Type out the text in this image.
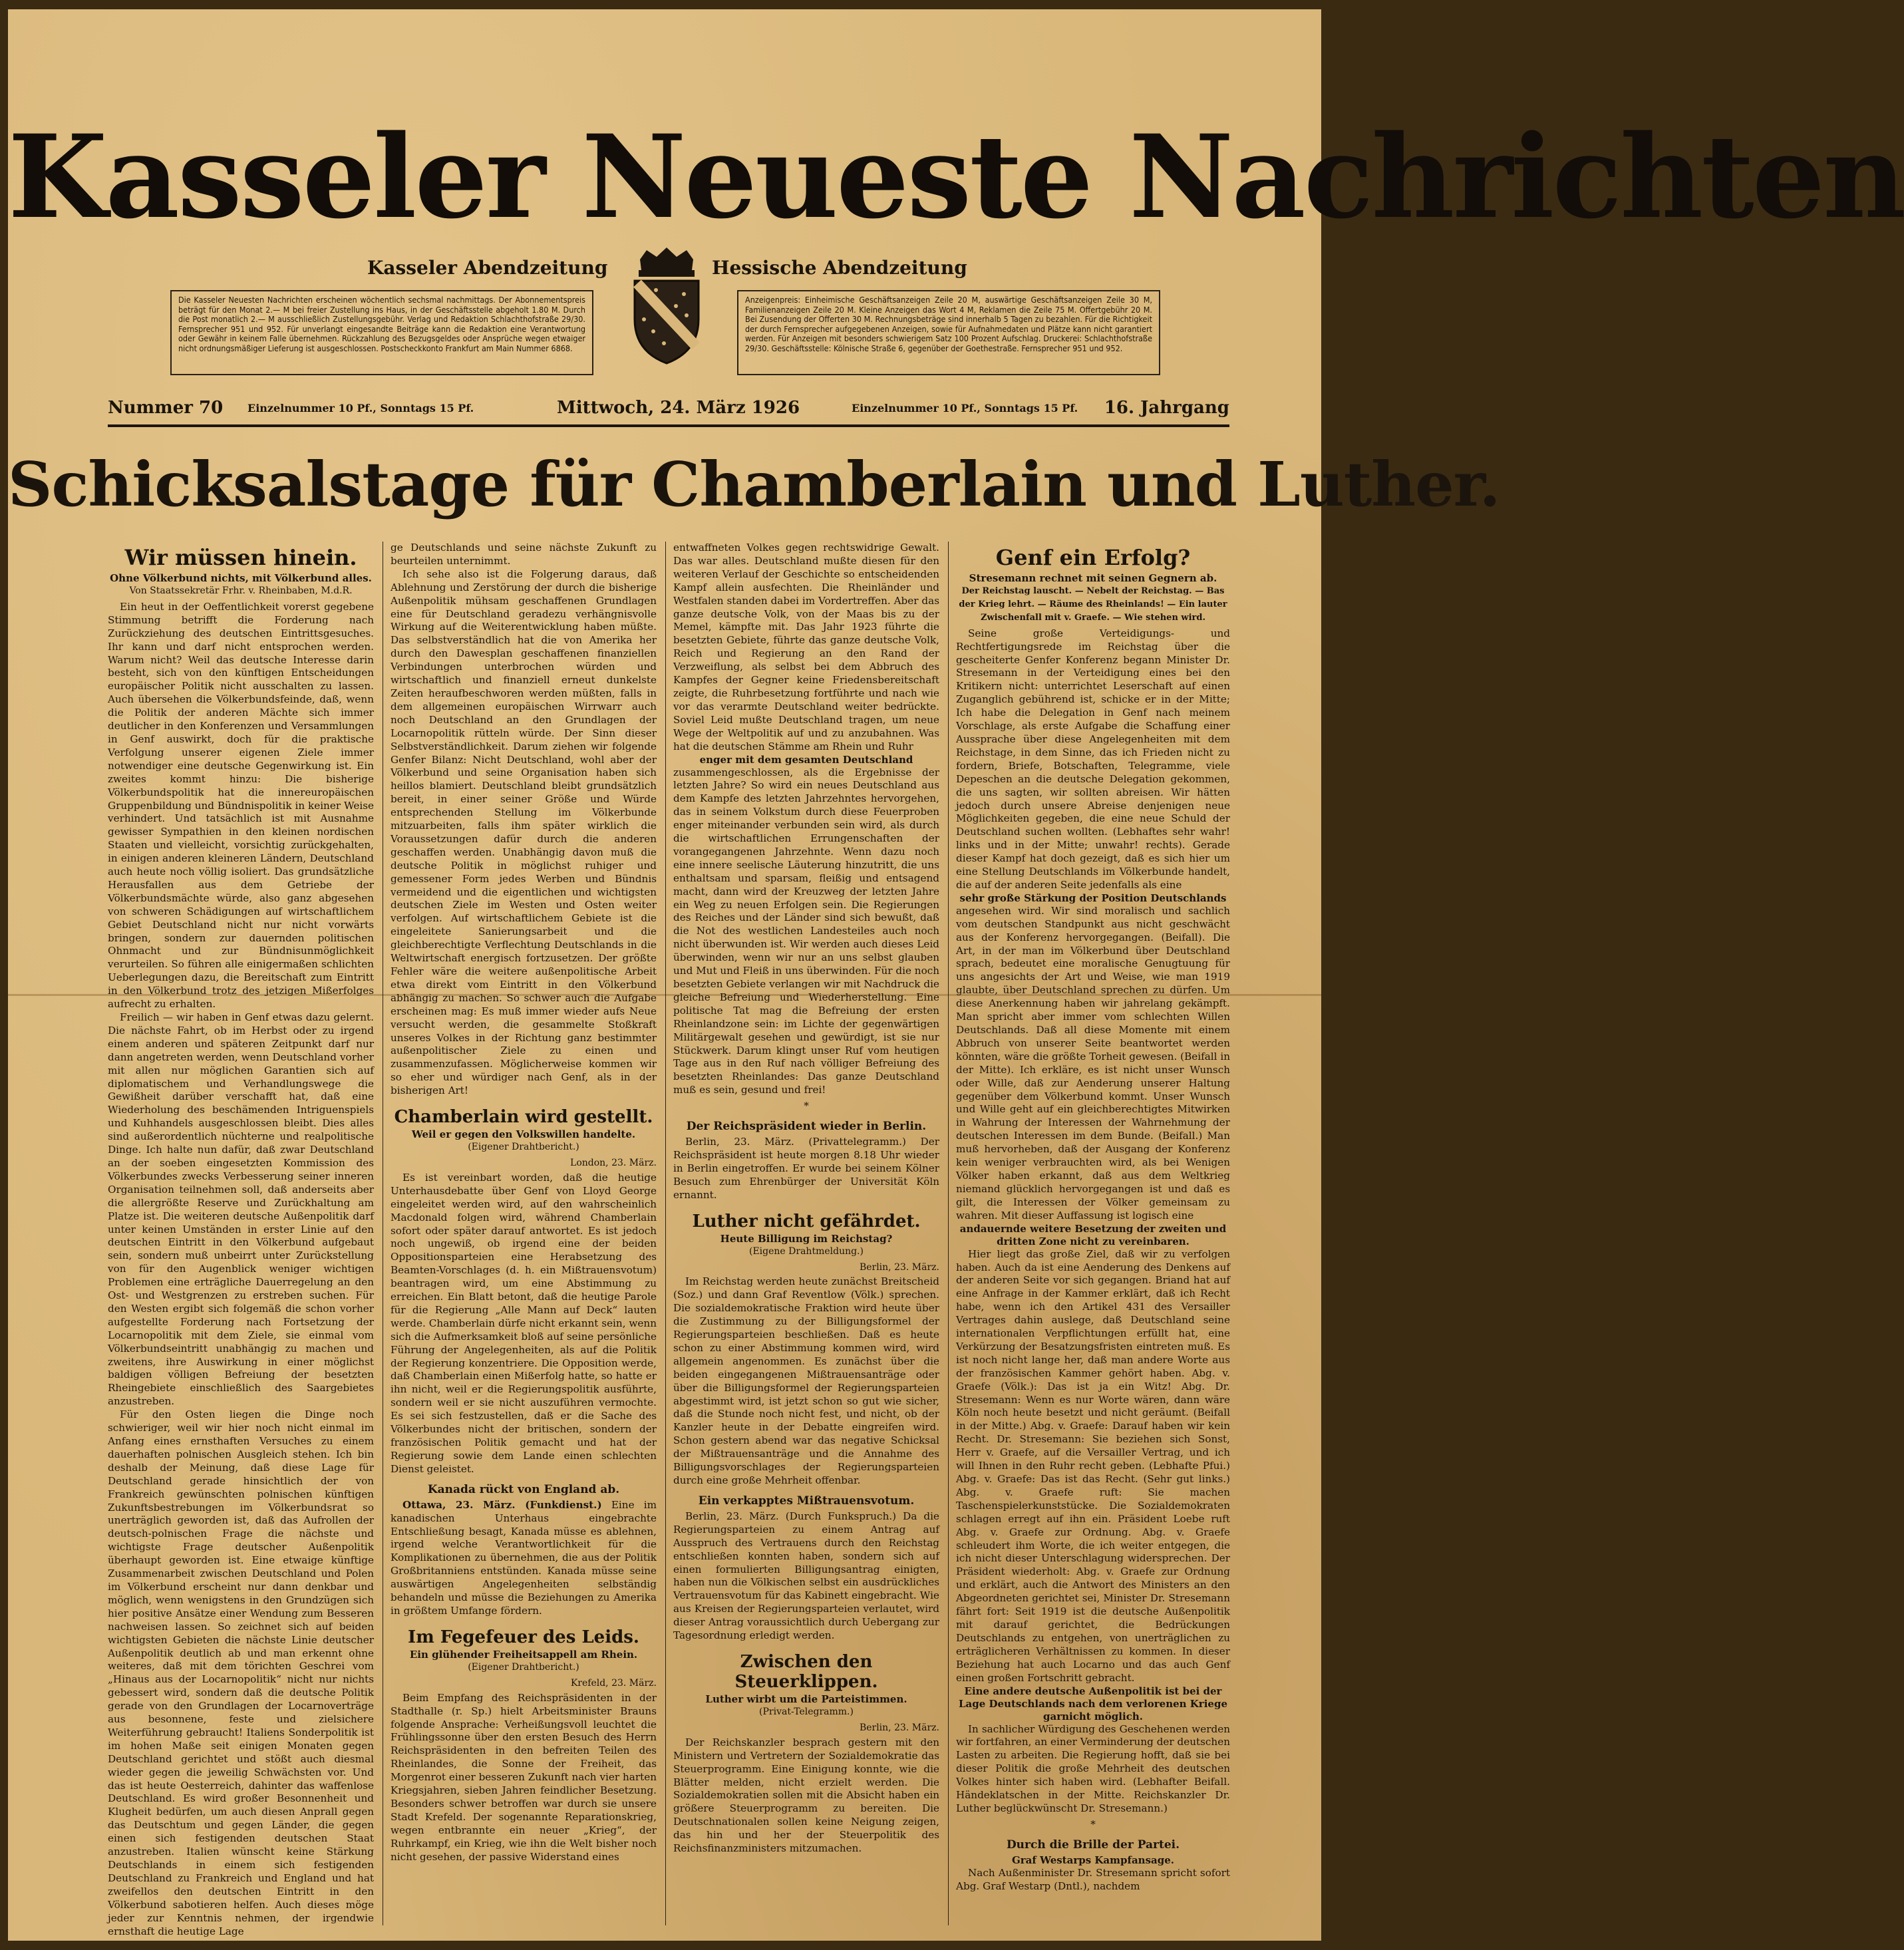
Kasseler Neueste Nachrichten
Kasseler Abendzeitung	Hessische Abendzeitung
Die Kasseler Neuesten Nachrichten erscheinen wöchentlich sechsmal nachmittags. Der Abonnementspreis beträgt für den Monat 2.— M bei freier Zustellung ins Haus, in der Geschäftsstelle abgeholt 1.80 M. Durch die Post monatlich 2.— M ausschließlich Zustellungsgebühr. Verlag und Redaktion Schlachthofstraße 29/30. Fernsprecher 951 und 952. Für unverlangt eingesandte Beiträge kann die Redaktion eine Verantwortung oder Gewähr in keinem Falle übernehmen. Rückzahlung des Bezugsgeldes oder Ansprüche wegen etwaiger nicht ordnungsmäßiger Lieferung ist ausgeschlossen. Postscheckkonto Frankfurt am Main Nummer 6868.
Anzeigenpreis: Einheimische Geschäftsanzeigen Zeile 20 M, auswärtige Geschäftsanzeigen Zeile 30 M, Familienanzeigen Zeile 20 M. Kleine Anzeigen das Wort 4 M, Reklamen die Zeile 75 M. Offertgebühr 20 M. Bei Zusendung der Offerten 30 M. Rechnungsbeträge sind innerhalb 5 Tagen zu bezahlen. Für die Richtigkeit der durch Fernsprecher aufgegebenen Anzeigen, sowie für Aufnahmedaten und Plätze kann nicht garantiert werden. Für Anzeigen mit besonders schwierigem Satz 100 Prozent Aufschlag. Druckerei: Schlachthofstraße 29/30. Geschäftsstelle: Kölnische Straße 6, gegenüber der Goethestraße. Fernsprecher 951 und 952.
Nummer 70 Einzelnummer 10 Pf., Sonntags 15 Pf.	Mittwoch, 24. März 1926	Einzelnummer 10 Pf., Sonntags 15 Pf. 16. Jahrgang
Schicksalstage für Chamberlain und Luther.
Wir müssen hinein.

Ohne Völkerbund nichts, mit Völkerbund alles.

Von Staatssekretär Frhr. v. Rheinbaben, M.d.R.

Ein heut in der Oeffentlichkeit vorerst gegebene Stimmung betrifft die Forderung nach Zurückziehung des deutschen Eintrittsgesuches. Ihr kann und darf nicht entsprochen werden. Warum nicht? Weil das deutsche Interesse darin besteht, sich von den künftigen Entscheidungen europäischer Politik nicht ausschalten zu lassen. Auch übersehen die Völkerbundsfeinde, daß, wenn die Politik der anderen Mächte sich immer deutlicher in den Konferenzen und Versammlungen in Genf auswirkt, doch für die praktische Verfolgung unserer eigenen Ziele immer notwendiger eine deutsche Gegenwirkung ist. Ein zweites kommt hinzu: Die bisherige Völkerbundspolitik hat die innereuropäischen Gruppenbildung und Bündnispolitik in keiner Weise verhindert. Und tatsächlich ist mit Ausnahme gewisser Sympathien in den kleinen nordischen Staaten und vielleicht, vorsichtig zurückgehalten, in einigen anderen kleineren Ländern, Deutschland auch heute noch völlig isoliert. Das grundsätzliche Herausfallen aus dem Getriebe der Völkerbundsmächte würde, also ganz abgesehen von schweren Schädigungen auf wirtschaftlichem Gebiet Deutschland nicht nur nicht vorwärts bringen, sondern zur dauernden politischen Ohnmacht und zur Bündnisunmöglichkeit verurteilen. So führen alle einigermaßen schlichten Ueberlegungen dazu, die Bereitschaft zum Eintritt in den Völkerbund trotz des jetzigen Mißerfolges aufrecht zu erhalten.

Freilich — wir haben in Genf etwas dazu gelernt. Die nächste Fahrt, ob im Herbst oder zu irgend einem anderen und späteren Zeitpunkt darf nur dann angetreten werden, wenn Deutschland vorher mit allen nur möglichen Garantien sich auf diplomatischem und Verhandlungswege die Gewißheit darüber verschafft hat, daß eine Wiederholung des beschämenden Intriguenspiels und Kuhhandels ausgeschlossen bleibt. Dies alles sind außerordentlich nüchterne und realpolitische Dinge. Ich halte nun dafür, daß zwar Deutschland an der soeben eingesetzten Kommission des Völkerbundes zwecks Verbesserung seiner inneren Organisation teilnehmen soll, daß anderseits aber die allergrößte Reserve und Zurückhaltung am Platze ist. Die weiteren deutsche Außenpolitik darf unter keinen Umständen in erster Linie auf den deutschen Eintritt in den Völkerbund aufgebaut sein, sondern muß unbeirrt unter Zurückstellung von für den Augenblick weniger wichtigen Problemen eine erträgliche Dauerregelung an den Ost- und Westgrenzen zu erstreben suchen. Für den Westen ergibt sich folgemäß die schon vorher aufgestellte Forderung nach Fortsetzung der Locarnopolitik mit dem Ziele, sie einmal vom Völkerbundseintritt unabhängig zu machen und zweitens, ihre Auswirkung in einer möglichst baldigen völligen Befreiung der besetzten Rheingebiete einschließlich des Saargebietes anzustreben.

Für den Osten liegen die Dinge noch schwieriger, weil wir hier noch nicht einmal im Anfang eines ernsthaften Versuches zu einem dauerhaften polnischen Ausgleich stehen. Ich bin deshalb der Meinung, daß diese Lage für Deutschland gerade hinsichtlich der von Frankreich gewünschten polnischen künftigen Zukunftsbestrebungen im Völkerbundsrat so unerträglich geworden ist, daß das Aufrollen der deutsch-polnischen Frage die nächste und wichtigste Frage deutscher Außenpolitik überhaupt geworden ist. Eine etwaige künftige Zusammenarbeit zwischen Deutschland und Polen im Völkerbund erscheint nur dann denkbar und möglich, wenn wenigstens in den Grundzügen sich hier positive Ansätze einer Wendung zum Besseren nachweisen lassen. So zeichnet sich auf beiden wichtigsten Gebieten die nächste Linie deutscher Außenpolitik deutlich ab und man erkennt ohne weiteres, daß mit dem törichten Geschrei vom „Hinaus aus der Locarnopolitik“ nicht nur nichts gebessert wird, sondern daß die deutsche Politik gerade von den Grundlagen der Locarnoverträge aus besonnene, feste und zielsichere Weiterführung gebraucht! Italiens Sonderpolitik ist im hohen Maße seit einigen Monaten gegen Deutschland gerichtet und stößt auch diesmal wieder gegen die jeweilig Schwächsten vor. Und das ist heute Oesterreich, dahinter das waffenlose Deutschland. Es wird großer Besonnenheit und Klugheit bedürfen, um auch diesen Anprall gegen das Deutschtum und gegen Länder, die gegen einen sich festigenden deutschen Staat anzustreben. Italien wünscht keine Stärkung Deutschlands in einem sich festigenden Deutschland zu Frankreich und England und hat zweifellos den deutschen Eintritt in den Völkerbund sabotieren helfen. Auch dieses möge jeder zur Kenntnis nehmen, der irgendwie ernsthaft die heutige Lage

ge Deutschlands und seine nächste Zukunft zu beurteilen unternimmt.

Ich sehe also ist die Folgerung daraus, daß Ablehnung und Zerstörung der durch die bisherige Außenpolitik mühsam geschaffenen Grundlagen eine für Deutschland geradezu verhängnisvolle Wirkung auf die Weiterentwicklung haben müßte. Das selbstverständlich hat die von Amerika her durch den Dawesplan geschaffenen finanziellen Verbindungen unterbrochen würden und wirtschaftlich und finanziell erneut dunkelste Zeiten heraufbeschworen werden müßten, falls in dem allgemeinen europäischen Wirrwarr auch noch Deutschland an den Grundlagen der Locarnopolitik rütteln würde. Der Sinn dieser Selbstverständlichkeit. Darum ziehen wir folgende Genfer Bilanz: Nicht Deutschland, wohl aber der Völkerbund und seine Organisation haben sich heillos blamiert. Deutschland bleibt grundsätzlich bereit, in einer seiner Größe und Würde entsprechenden Stellung im Völkerbunde mitzuarbeiten, falls ihm später wirklich die Voraussetzungen dafür durch die anderen geschaffen werden. Unabhängig davon muß die deutsche Politik in möglichst ruhiger und gemessener Form jedes Werben und Bündnis vermeidend und die eigentlichen und wichtigsten deutschen Ziele im Westen und Osten weiter verfolgen. Auf wirtschaftlichem Gebiete ist die eingeleitete Sanierungsarbeit und die gleichberechtigte Verflechtung Deutschlands in die Weltwirtschaft energisch fortzusetzen. Der größte Fehler wäre die weitere außenpolitische Arbeit etwa direkt vom Eintritt in den Völkerbund abhängig zu machen. So schwer auch die Aufgabe erscheinen mag: Es muß immer wieder aufs Neue versucht werden, die gesammelte Stoßkraft unseres Volkes in der Richtung ganz bestimmter außenpolitischer Ziele zu einen und zusammenzufassen. Möglicherweise kommen wir so eher und würdiger nach Genf, als in der bisherigen Art!

Chamberlain wird gestellt.

Weil er gegen den Volkswillen handelte.

(Eigener Drahtbericht.)

London, 23. März.

Es ist vereinbart worden, daß die heutige Unterhausdebatte über Genf von Lloyd George eingeleitet werden wird, auf den wahrscheinlich Macdonald folgen wird, während Chamberlain sofort oder später darauf antwortet. Es ist jedoch noch ungewiß, ob irgend eine der beiden Oppositionsparteien eine Herabsetzung des Beamten-Vorschlages (d. h. ein Mißtrauensvotum) beantragen wird, um eine Abstimmung zu erreichen. Ein Blatt betont, daß die heutige Parole für die Regierung „Alle Mann auf Deck“ lauten werde. Chamberlain dürfe nicht erkannt sein, wenn sich die Aufmerksamkeit bloß auf seine persönliche Führung der Angelegenheiten, als auf die Politik der Regierung konzentriere. Die Opposition werde, daß Chamberlain einen Mißerfolg hatte, so hatte er ihn nicht, weil er die Regierungspolitik ausführte, sondern weil er sie nicht auszuführen vermochte. Es sei sich festzustellen, daß er die Sache des Völkerbundes nicht der britischen, sondern der französischen Politik gemacht und hat der Regierung sowie dem Lande einen schlechten Dienst geleistet.

Kanada rückt von England ab.

Ottawa, 23. März. (Funkdienst.) Eine im kanadischen Unterhaus eingebrachte Entschließung besagt, Kanada müsse es ablehnen, irgend welche Verantwortlichkeit für die Komplikationen zu übernehmen, die aus der Politik Großbritanniens entstünden. Kanada müsse seine auswärtigen Angelegenheiten selbständig behandeln und müsse die Beziehungen zu Amerika in größtem Umfange fördern.

Im Fegefeuer des Leids.

Ein glühender Freiheitsappell am Rhein.

(Eigener Drahtbericht.)

Krefeld, 23. März.

Beim Empfang des Reichspräsidenten in der Stadthalle (r. Sp.) hielt Arbeitsminister Brauns folgende Ansprache: Verheißungsvoll leuchtet die Frühlingssonne über den ersten Besuch des Herrn Reichspräsidenten in den befreiten Teilen des Rheinlandes, die Sonne der Freiheit, das Morgenrot einer besseren Zukunft nach vier harten Kriegsjahren, sieben Jahren feindlicher Besetzung. Besonders schwer betroffen war durch sie unsere Stadt Krefeld. Der sogenannte Reparationskrieg, wegen entbrannte ein neuer „Krieg“, der Ruhrkampf, ein Krieg, wie ihn die Welt bisher noch nicht gesehen, der passive Widerstand eines

entwaffneten Volkes gegen rechtswidrige Gewalt. Das war alles. Deutschland mußte diesen für den weiteren Verlauf der Geschichte so entscheidenden Kampf allein ausfechten. Die Rheinländer und Westfalen standen dabei im Vordertreffen. Aber das ganze deutsche Volk, von der Maas bis zu der Memel, kämpfte mit. Das Jahr 1923 führte die besetzten Gebiete, führte das ganze deutsche Volk, Reich und Regierung an den Rand der Verzweiflung, als selbst bei dem Abbruch des Kampfes der Gegner keine Friedensbereitschaft zeigte, die Ruhrbesetzung fortführte und nach wie vor das verarmte Deutschland weiter bedrückte. Soviel Leid mußte Deutschland tragen, um neue Wege der Weltpolitik auf und zu anzubahnen. Was hat die deutschen Stämme am Rhein und Ruhr

enger mit dem gesamten Deutschland

zusammengeschlossen, als die Ergebnisse der letzten Jahre? So wird ein neues Deutschland aus dem Kampfe des letzten Jahrzehntes hervorgehen, das in seinem Volkstum durch diese Feuerproben enger miteinander verbunden sein wird, als durch die wirtschaftlichen Errungenschaften der vorangegangenen Jahrzehnte. Wenn dazu noch eine innere seelische Läuterung hinzutritt, die uns enthaltsam und sparsam, fleißig und entsagend macht, dann wird der Kreuzweg der letzten Jahre ein Weg zu neuen Erfolgen sein. Die Regierungen des Reiches und der Länder sind sich bewußt, daß die Not des westlichen Landesteiles auch noch nicht überwunden ist. Wir werden auch dieses Leid überwinden, wenn wir nur an uns selbst glauben und Mut und Fleiß in uns überwinden. Für die noch besetzten Gebiete verlangen wir mit Nachdruck die gleiche Befreiung und Wiederherstellung. Eine politische Tat mag die Befreiung der ersten Rheinlandzone sein: im Lichte der gegenwärtigen Militärgewalt gesehen und gewürdigt, ist sie nur Stückwerk. Darum klingt unser Ruf vom heutigen Tage aus in den Ruf nach völliger Befreiung des besetzten Rheinlandes: Das ganze Deutschland muß es sein, gesund und frei!

*

Der Reichspräsident wieder in Berlin.

Berlin, 23. März. (Privattelegramm.) Der Reichspräsident ist heute morgen 8.18 Uhr wieder in Berlin eingetroffen. Er wurde bei seinem Kölner Besuch zum Ehrenbürger der Universität Köln ernannt.

Luther nicht gefährdet.

Heute Billigung im Reichstag?

(Eigene Drahtmeldung.)

Berlin, 23. März.

Im Reichstag werden heute zunächst Breitscheid (Soz.) und dann Graf Reventlow (Völk.) sprechen. Die sozialdemokratische Fraktion wird heute über die Zustimmung zu der Billigungsformel der Regierungsparteien beschließen. Daß es heute schon zu einer Abstimmung kommen wird, wird allgemein angenommen. Es zunächst über die beiden eingegangenen Mißtrauensanträge oder über die Billigungsformel der Regierungsparteien abgestimmt wird, ist jetzt schon so gut wie sicher, daß die Stunde noch nicht fest, und nicht, ob der Kanzler heute in der Debatte eingreifen wird. Schon gestern abend war das negative Schicksal der Mißtrauensanträge und die Annahme des Billigungsvorschlages der Regierungsparteien durch eine große Mehrheit offenbar.

Ein verkapptes Mißtrauensvotum.

Berlin, 23. März. (Durch Funkspruch.) Da die Regierungsparteien zu einem Antrag auf Ausspruch des Vertrauens durch den Reichstag entschließen konnten haben, sondern sich auf einen formulierten Billigungsantrag einigten, haben nun die Völkischen selbst ein ausdrückliches Vertrauensvotum für das Kabinett eingebracht. Wie aus Kreisen der Regierungsparteien verlautet, wird dieser Antrag voraussichtlich durch Uebergang zur Tagesordnung erledigt werden.

Zwischen den Steuerklippen.

Luther wirbt um die Parteistimmen.

(Privat-Telegramm.)

Berlin, 23. März.

Der Reichskanzler besprach gestern mit den Ministern und Vertretern der Sozialdemokratie das Steuerprogramm. Eine Einigung konnte, wie die Blätter melden, nicht erzielt werden. Die Sozialdemokratien sollen mit die Absicht haben ein größere Steuerprogramm zu bereiten. Die Deutschnationalen sollen keine Neigung zeigen, das hin und her der Steuerpolitik des Reichsfinanzministers mitzumachen.

Genf ein Erfolg?

Stresemann rechnet mit seinen Gegnern ab.

Der Reichstag lauscht. — Nebelt der Reichstag. — Bas der Krieg lehrt. — Räume des Rheinlands! — Ein lauter Zwischenfall mit v. Graefe. — Wie stehen wird.

Seine große Verteidigungs- und Rechtfertigungsrede im Reichstag über die gescheiterte Genfer Konferenz begann Minister Dr. Stresemann in der Verteidigung eines bei den Kritikern nicht: unterrichtet Leserschaft auf einen Zuganglich gebührend ist, schicke er in der Mitte; Ich habe die Delegation in Genf nach meinem Vorschlage, als erste Aufgabe die Schaffung einer Aussprache über diese Angelegenheiten mit dem Reichstage, in dem Sinne, das ich Frieden nicht zu fordern, Briefe, Botschaften, Telegramme, viele Depeschen an die deutsche Delegation gekommen, die uns sagten, wir sollten abreisen. Wir hätten jedoch durch unsere Abreise denjenigen neue Möglichkeiten gegeben, die eine neue Schuld der Deutschland suchen wollten. (Lebhaftes sehr wahr! links und in der Mitte; unwahr! rechts). Gerade dieser Kampf hat doch gezeigt, daß es sich hier um eine Stellung Deutschlands im Völkerbunde handelt, die auf der anderen Seite jedenfalls als eine

sehr große Stärkung der Position Deutschlands

angesehen wird. Wir sind moralisch und sachlich vom deutschen Standpunkt aus nicht geschwächt aus der Konferenz hervorgegangen. (Beifall). Die Art, in der man im Völkerbund über Deutschland sprach, bedeutet eine moralische Genugtuung für uns angesichts der Art und Weise, wie man 1919 glaubte, über Deutschland sprechen zu dürfen. Um diese Anerkennung haben wir jahrelang gekämpft. Man spricht aber immer vom schlechten Willen Deutschlands. Daß all diese Momente mit einem Abbruch von unserer Seite beantwortet werden könnten, wäre die größte Torheit gewesen. (Beifall in der Mitte). Ich erkläre, es ist nicht unser Wunsch oder Wille, daß zur Aenderung unserer Haltung gegenüber dem Völkerbund kommt. Unser Wunsch und Wille geht auf ein gleichberechtigtes Mitwirken in Wahrung der Interessen der Wahrnehmung der deutschen Interessen im dem Bunde. (Beifall.) Man muß hervorheben, daß der Ausgang der Konferenz kein weniger verbrauchten wird, als bei Wenigen Völker haben erkannt, daß aus dem Weltkrieg niemand glücklich hervorgegangen ist und daß es gilt, die Interessen der Völker gemeinsam zu wahren. Mit dieser Auffassung ist logisch eine

andauernde weitere Besetzung der zweiten und dritten Zone nicht zu vereinbaren.

Hier liegt das große Ziel, daß wir zu verfolgen haben. Auch da ist eine Aenderung des Denkens auf der anderen Seite vor sich gegangen. Briand hat auf eine Anfrage in der Kammer erklärt, daß ich Recht habe, wenn ich den Artikel 431 des Versailler Vertrages dahin auslege, daß Deutschland seine internationalen Verpflichtungen erfüllt hat, eine Verkürzung der Besatzungsfristen eintreten muß. Es ist noch nicht lange her, daß man andere Worte aus der französischen Kammer gehört haben. Abg. v. Graefe (Völk.): Das ist ja ein Witz! Abg. Dr. Stresemann: Wenn es nur Worte wären, dann wäre Köln noch heute besetzt und nicht geräumt. (Beifall in der Mitte.) Abg. v. Graefe: Darauf haben wir kein Recht. Dr. Stresemann: Sie beziehen sich Sonst, Herr v. Graefe, auf die Versailler Vertrag, und ich will Ihnen in den Ruhr recht geben. (Lebhafte Pfui.) Abg. v. Graefe: Das ist das Recht. (Sehr gut links.) Abg. v. Graefe ruft: Sie machen Taschenspielerkunststücke. Die Sozialdemokraten schlagen erregt auf ihn ein. Präsident Loebe ruft Abg. v. Graefe zur Ordnung. Abg. v. Graefe schleudert ihm Worte, die ich weiter entgegen, die ich nicht dieser Unterschlagung widersprechen. Der Präsident wiederholt: Abg. v. Graefe zur Ordnung und erklärt, auch die Antwort des Ministers an den Abgeordneten gerichtet sei, Minister Dr. Stresemann fährt fort: Seit 1919 ist die deutsche Außenpolitik mit darauf gerichtet, die Bedrückungen Deutschlands zu entgehen, von unerträglichen zu erträglicheren Verhältnissen zu kommen. In dieser Beziehung hat auch Locarno und das auch Genf einen großen Fortschritt gebracht.

Eine andere deutsche Außenpolitik ist bei der Lage Deutschlands nach dem verlorenen Kriege garnicht möglich.

In sachlicher Würdigung des Geschehenen werden wir fortfahren, an einer Verminderung der deutschen Lasten zu arbeiten. Die Regierung hofft, daß sie bei dieser Politik die große Mehrheit des deutschen Volkes hinter sich haben wird. (Lebhafter Beifall. Händeklatschen in der Mitte. Reichskanzler Dr. Luther beglückwünscht Dr. Stresemann.)

*

Durch die Brille der Partei.

Graf Westarps Kampfansage.

Nach Außenminister Dr. Stresemann spricht sofort Abg. Graf Westarp (Dntl.), nachdem
